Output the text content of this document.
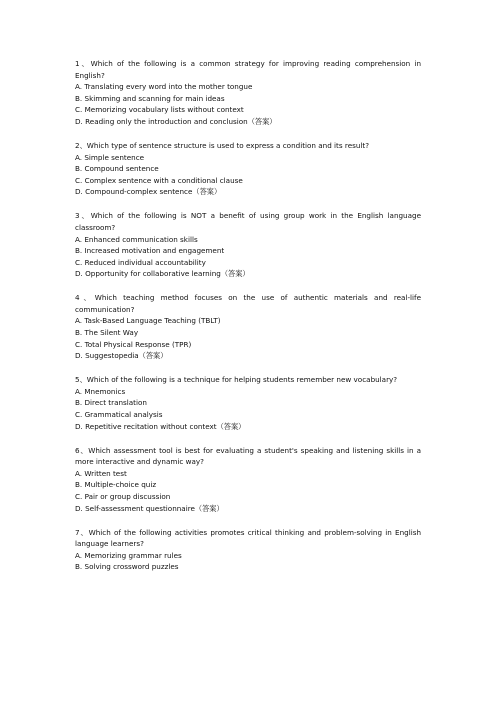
1、Which of the following is a common strategy for improving reading comprehension in English?
A. Translating every word into the mother tongue
B. Skimming and scanning for main ideas
C. Memorizing vocabulary lists without context
D. Reading only the introduction and conclusion（答案）
2、Which type of sentence structure is used to express a condition and its result?
A. Simple sentence
B. Compound sentence
C. Complex sentence with a conditional clause
D. Compound-complex sentence（答案）
3、Which of the following is NOT a benefit of using group work in the English language classroom?
A. Enhanced communication skills
B. Increased motivation and engagement
C. Reduced individual accountability
D. Opportunity for collaborative learning（答案）
4、Which teaching method focuses on the use of authentic materials and real-life communication?
A. Task-Based Language Teaching (TBLT)
B. The Silent Way
C. Total Physical Response (TPR)
D. Suggestopedia（答案）
5、Which of the following is a technique for helping students remember new vocabulary?
A. Mnemonics
B. Direct translation
C. Grammatical analysis
D. Repetitive recitation without context（答案）
6、Which assessment tool is best for evaluating a student's speaking and listening skills in a more interactive and dynamic way?
A. Written test
B. Multiple-choice quiz
C. Pair or group discussion
D. Self-assessment questionnaire（答案）
7、Which of the following activities promotes critical thinking and problem-solving in English language learners?
A. Memorizing grammar rules
B. Solving crossword puzzles
